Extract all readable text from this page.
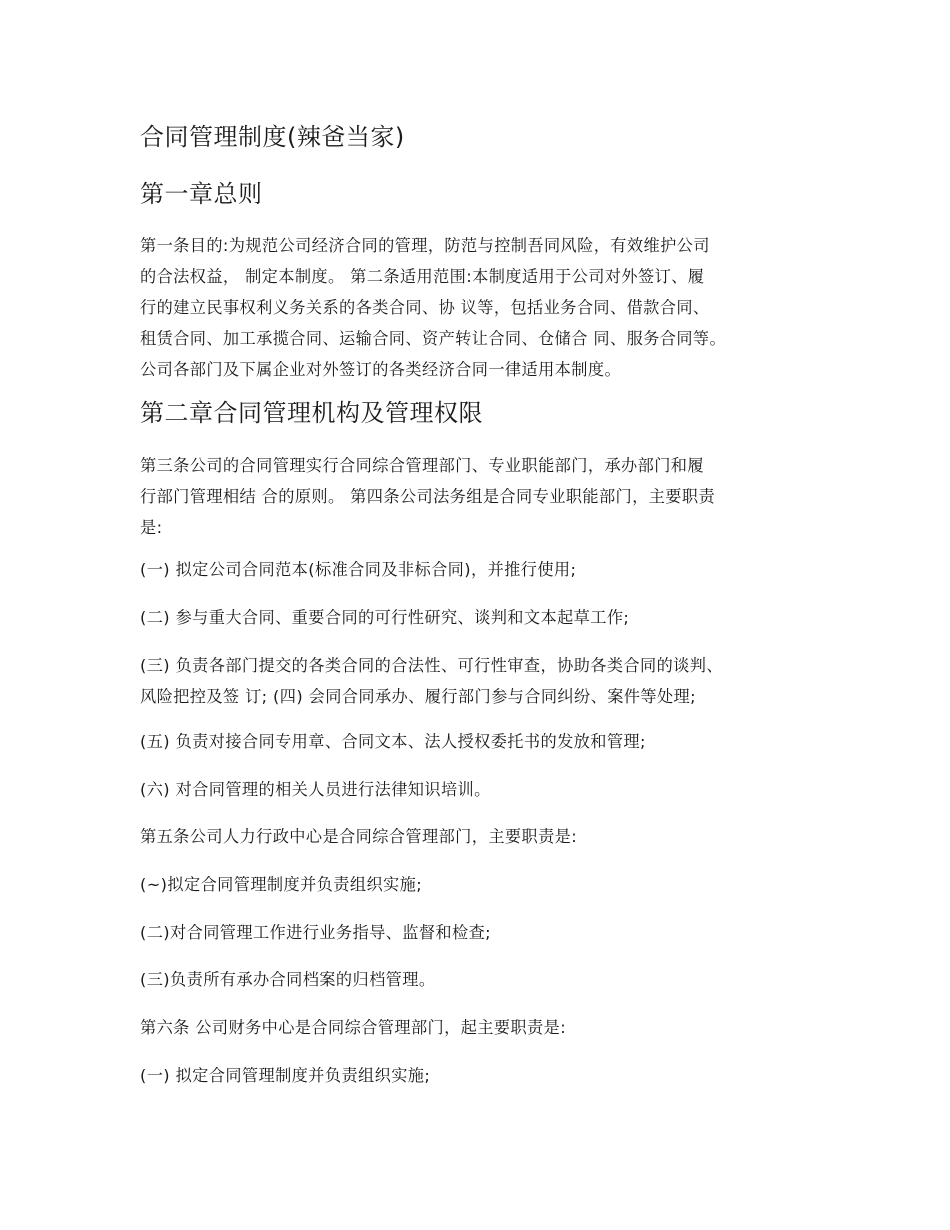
合同管理制度(辣爸当家)
第一章总则

第一条目的:为规范公司经济合同的管理，防范与控制吾同风险，有效维护公司
的合法权益， 制定本制度。 第二条适用范围:本制度适用于公司对外签订、履
行的建立民事权利义务关系的各类合同、协 议等，包括业务合同、借款合同、
租赁合同、加工承揽合同、运输合同、资产转让合同、仓储合 同、服务合同等。
公司各部门及下属企业对外签订的各类经济合同一律适用本制度。

第二章合同管理机构及管理权限

第三条公司的合同管理实行合同综合管理部门、专业职能部门，承办部门和履
行部门管理相结 合的原则。 第四条公司法务组是合同专业职能部门，主要职责
是:

(一) 拟定公司合同范本(标准合同及非标合同)，并推行使用;

(二) 参与重大合同、重要合同的可行性研究、谈判和文本起草工作;

(三) 负责各部门提交的各类合同的合法性、可行性审查，协助各类合同的谈判、
风险把控及签 订; (四) 会同合同承办、履行部门参与合同纠纷、案件等处理;

(五) 负责对接合同专用章、合同文本、法人授权委托书的发放和管理;

(六) 对合同管理的相关人员进行法律知识培训。

第五条公司人力行政中心是合同综合管理部门，主要职责是:

(~)拟定合同管理制度并负责组织实施;

(二)对合同管理工作进行业务指导、监督和检查;

(三)负责所有承办合同档案的归档管理。

第六条 公司财务中心是合同综合管理部门，起主要职责是:

(一) 拟定合同管理制度并负责组织实施;
